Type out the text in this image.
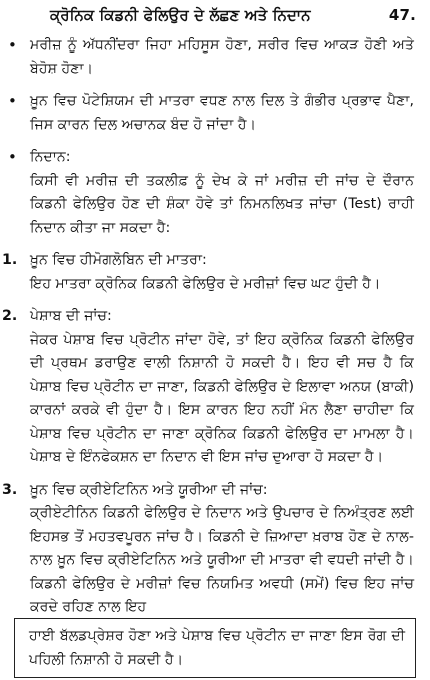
ਕ੍ਰੋਨਿਕ ਕਿਡਨੀ ਫੇਲਿਉਰ ਦੇ ਲੱਛਣ ਅਤੇ ਨਿਦਾਨ	47.
• ਮਰੀਜ਼ ਨੂੰ ਅੱਧਨੀਂਦਰਾ ਜਿਹਾ ਮਹਿਸੂਸ ਹੋਣਾ, ਸਰੀਰ ਵਿਚ ਆਕੜ ਹੋਣੀ ਅਤੇ ਬੇਹੋਸ਼ ਹੋਣਾ।
• ਖ਼ੂਨ ਵਿਚ ਪੋਟੇਸ਼ਿਯਮ ਦੀ ਮਾਤਰਾ ਵਧਣ ਨਾਲ ਦਿਲ ਤੇ ਗੰਭੀਰ ਪ੍ਰਭਾਵ ਪੈਣਾ, ਜਿਸ ਕਾਰਨ ਦਿਲ ਅਚਾਨਕ ਬੰਦ ਹੋ ਜਾਂਦਾ ਹੈ।
• ਨਿਦਾਨ:
ਕਿਸੀ ਵੀ ਮਰੀਜ਼ ਦੀ ਤਕਲੀਫ਼ ਨੂੰ ਦੇਖ ਕੇ ਜਾਂ ਮਰੀਜ਼ ਦੀ ਜਾਂਚ ਦੇ ਦੌਰਾਨ ਕਿਡਨੀ ਫੇਲਿਉਰ ਹੋਣ ਦੀ ਸ਼ੰਕਾ ਹੋਵੇ ਤਾਂ ਨਿਮਨਲਿਖਤ ਜਾਂਚਾ (Test) ਰਾਹੀ ਨਿਦਾਨ ਕੀਤਾ ਜਾ ਸਕਦਾ ਹੈ:
1. ਖ਼ੂਨ ਵਿਚ ਹੀਮੋਗਲੋਬਿਨ ਦੀ ਮਾਤਰਾ:
ਇਹ ਮਾਤਰਾ ਕ੍ਰੋਨਿਕ ਕਿਡਨੀ ਫੇਲਿਉਰ ਦੇ ਮਰੀਜ਼ਾਂ ਵਿਚ ਘਟ ਹੁੰਦੀ ਹੈ।
2. ਪੇਸ਼ਾਬ ਦੀ ਜਾਂਚ:
ਜੇਕਰ ਪੇਸ਼ਾਬ ਵਿਚ ਪ੍ਰੋਟੀਨ ਜਾਂਦਾ ਹੋਵੇ, ਤਾਂ ਇਹ ਕ੍ਰੋਨਿਕ ਕਿਡਨੀ ਫੇਲਿਉਰ ਦੀ ਪ੍ਰਥਮ ਡਰਾਉਣ ਵਾਲੀ ਨਿਸ਼ਾਨੀ ਹੋ ਸਕਦੀ ਹੈ। ਇਹ ਵੀ ਸਚ ਹੈ ਕਿ ਪੇਸ਼ਾਬ ਵਿਚ ਪ੍ਰੋਟੀਨ ਦਾ ਜਾਣਾ, ਕਿਡਨੀ ਫੇਲਿਉਰ ਦੇ ਇਲਾਵਾ ਅਨਯ (ਬਾਕੀ) ਕਾਰਨਾਂ ਕਰਕੇ ਵੀ ਹੁੰਦਾ ਹੈ। ਇਸ ਕਾਰਨ ਇਹ ਨਹੀਂ ਮੰਨ ਲੈਣਾ ਚਾਹੀਦਾ ਕਿ ਪੇਸ਼ਾਬ ਵਿਚ ਪ੍ਰੋਟੀਨ ਦਾ ਜਾਣਾ ਕ੍ਰੋਨਿਕ ਕਿਡਨੀ ਫੇਲਿਉਰ ਦਾ ਮਾਮਲਾ ਹੈ। ਪੇਸ਼ਾਬ ਦੇ ਇੰਨਫੇਕਸ਼ਨ ਦਾ ਨਿਦਾਨ ਵੀ ਇਸ ਜਾਂਚ ਦੁਆਰਾ ਹੋ ਸਕਦਾ ਹੈ।
3. ਖ਼ੂਨ ਵਿਚ ਕ੍ਰੀਏਟਿਨਿਨ ਅਤੇ ਯੂਰੀਆ ਦੀ ਜਾਂਚ:
ਕ੍ਰੀਏਟੀਨਿਨ ਕਿਡਨੀ ਫੇਲਿਉਰ ਦੇ ਨਿਦਾਨ ਅਤੇ ਉਪਚਾਰ ਦੇ ਨਿਅੰਤ੍ਰਣ ਲਈ ਇਹਸਭ ਤੋਂ ਮਹਤਵਪੂਰਨ ਜਾਂਚ ਹੈ। ਕਿਡਨੀ ਦੇ ਜ਼ਿਆਦਾ ਖ਼ਰਾਬ ਹੋਣ ਦੇ ਨਾਲ-ਨਾਲ ਖ਼ੂਨ ਵਿਚ ਕ੍ਰੀਏਟਿਨਿਨ ਅਤੇ ਯੂਰੀਆ ਦੀ ਮਾਤਰਾ ਵੀ ਵਧਦੀ ਜਾਂਦੀ ਹੈ। ਕਿਡਨੀ ਫੇਲਿਉਰ ਦੇ ਮਰੀਜ਼ਾਂ ਵਿਚ ਨਿਯਮਿਤ ਅਵਧੀ (ਸਮੇਂ) ਵਿਚ ਇਹ ਜਾਂਚ ਕਰਦੇ ਰਹਿਣ ਨਾਲ ਇਹ
ਹਾਈ ਬੱਲਡਪ੍ਰੇਸ਼ਰ ਹੋਣਾ ਅਤੇ ਪੇਸ਼ਾਬ ਵਿਚ ਪ੍ਰੋਟੀਨ ਦਾ ਜਾਣਾ ਇਸ ਰੋਗ ਦੀ ਪਹਿਲੀ ਨਿਸ਼ਾਨੀ ਹੋ ਸਕਦੀ ਹੈ।
